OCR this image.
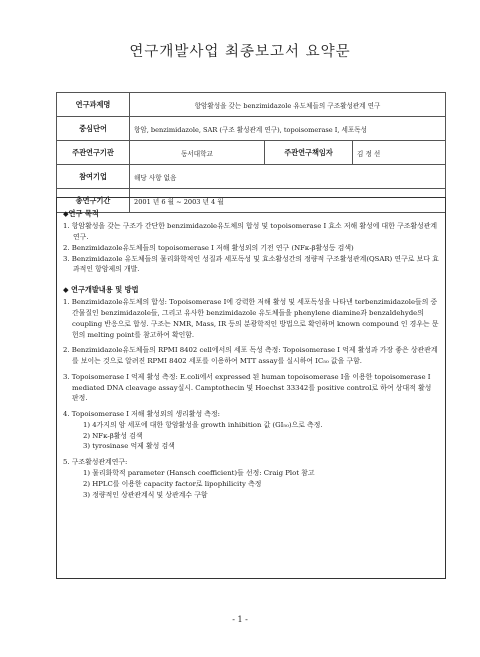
연구개발사업 최종보고서 요약문
연구과제명	항암활성을 갖는 benzimidazole 유도체들의 구조활성관계 연구		
중심단어	항암, benzimidazole, SAR (구조 활성관계 연구), topoisomerase I, 세포독성		
주관연구기관	동서대학교	주관연구책임자	김 정 선
참여기업	해당 사항 없음		
총연구기간	2001 년 6 월 ~ 2003 년 4 월		
◆연구 목적
1. 항암활성을 갖는 구조가 간단한 benzimidazole유도체의 합성 및 topoisomerase I 효소 저해 활성에 대한 구조활성관계 연구.
2. Benzimidazole유도체들의 topoisomerase I 저해 활성외의 기전 연구 (NFκ-β활성등 검색)
3. Benzimidazole 유도체들의 물리화학적인 성질과 세포독성 및 효소활성간의 정량적 구조활성관계(QSAR) 연구로 보다 효과적인 항암제의 개발.
◆ 연구개발내용 및 방법
1. Benzimidazole유도체의 합성: Topoisomerase I에 강력한 저해 활성 및 세포독성을 나타낸 terbenzimidazole들의 중간물질인 benzimidazole들, 그리고 유사한 benzimidazole 유도체들을 phenylene diamine과 benzaldehyde의 coupling 반응으로 합성. 구조는 NMR, Mass, IR 등의 분광학적인 방법으로 확인하며 known compound 인 경우는 문헌의 melting point를 참고하여 확인함.
2. Benzimidazole유도체들의 RPMI 8402 cell에서의 세포 독성 측정: Topoisomerase I 억제 활성과 가장 좋은 상관관계를 보이는 것으로 알려진 RPMI 8402 세포를 이용하여 MTT assay를 실시하여 IC₅₀ 값을 구함.
3. Topoisomerase I 억제 활성 측정: E.coli에서 expressed 된 human topoisomerase I을 이용한 topoisomerase I mediated DNA cleavage assay실시. Camptothecin 및 Hoechst 33342를 positive control로 하여 상대적 활성 판정.
4. Topoisomerase I 저해 활성외의 생리활성 측정:
1) 4가지의 암 세포에 대한 항암활성을 growth inhibition 값 (GI₅₀)으로 측정.
2) NFκ-β활성 검색
3) tyrosinase 억제 활성 검색
5. 구조활성관계연구:
1) 물리화학적 parameter (Hansch coefficient)들 선정: Craig Plot 참고
2) HPLC를 이용한 capacity factor로 lipophilicity 측정
3) 정량적인 상관관계식 및 상관계수 구함
- 1 -
